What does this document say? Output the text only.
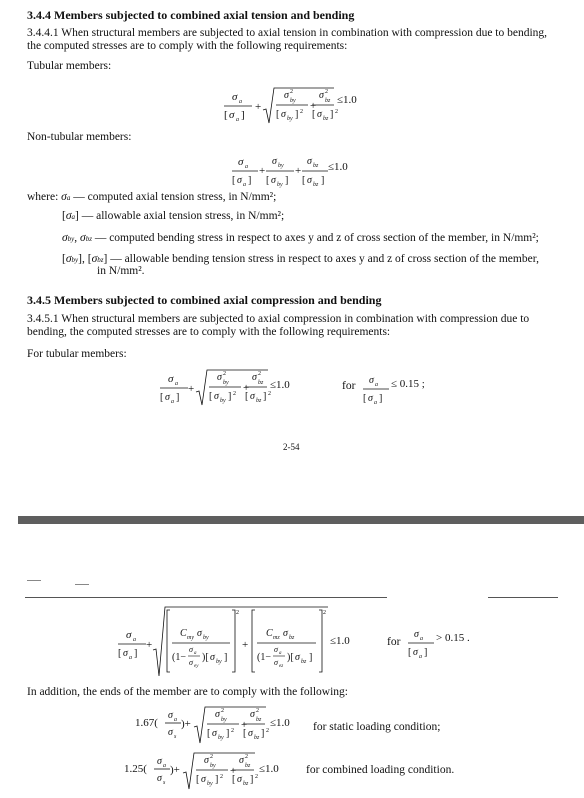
3.4.4 Members subjected to combined axial tension and bending
3.4.4.1 When structural members are subjected to axial tension in combination with compression due to bending, the computed stresses are to comply with the following requirements:
Tubular members:
σ a
[ σ a ]
+
σ 2
by
[ σ by ] 2 +
σ 2
bz
[ σ bz ] 2
≤1.0
Non-tubular members:
σ a
[ σ a ]
+
σ by
[ σ by ]
+
σ bz
[ σ bz ]
≤1.0
where: σa — computed axial tension stress, in N/mm²;
[σa] — allowable axial tension stress, in N/mm²;
σby, σbz — computed bending stress in respect to axes y and z of cross section of the member, in N/mm²;
[σby], [σbz] — allowable bending tension stress in respect to axes y and z of cross section of the member,
in N/mm².
3.4.5 Members subjected to combined axial compression and bending
3.4.5.1 When structural members are subjected to axial compression in combination with compression due to bending, the computed stresses are to comply with the following requirements:
For tubular members:
σ a
[ σ a ]
+
σ 2
by
[ σ by ] 2 +
σ 2
bz
[ σ bz ] 2
≤1.0	for σ a
[ σ a ]
≤ 0.15 ;
2-54
σ a
[ σ a ]
+
C my σ by
(1−
σ a
σ ey
)[ σ by ]
2
+
C mz σ bz
(1−
σ a
σ ez
)[ σ bz ]
2
≤1.0	for
σ a
[ σ a ]
> 0.15 .
In addition, the ends of the member are to comply with the following:
1.67(
σ a
σ s
)+
σ 2
by
[ σ by ] 2 +
σ 2
bz
[ σ bz ] 2
≤1.0 for static loading condition;
1.25(
σ a
σ s
)+
σ 2
by
[ σ by ] 2 +
σ 2
bz
[ σ bz ] 2
≤1.0 for combined loading condition.
